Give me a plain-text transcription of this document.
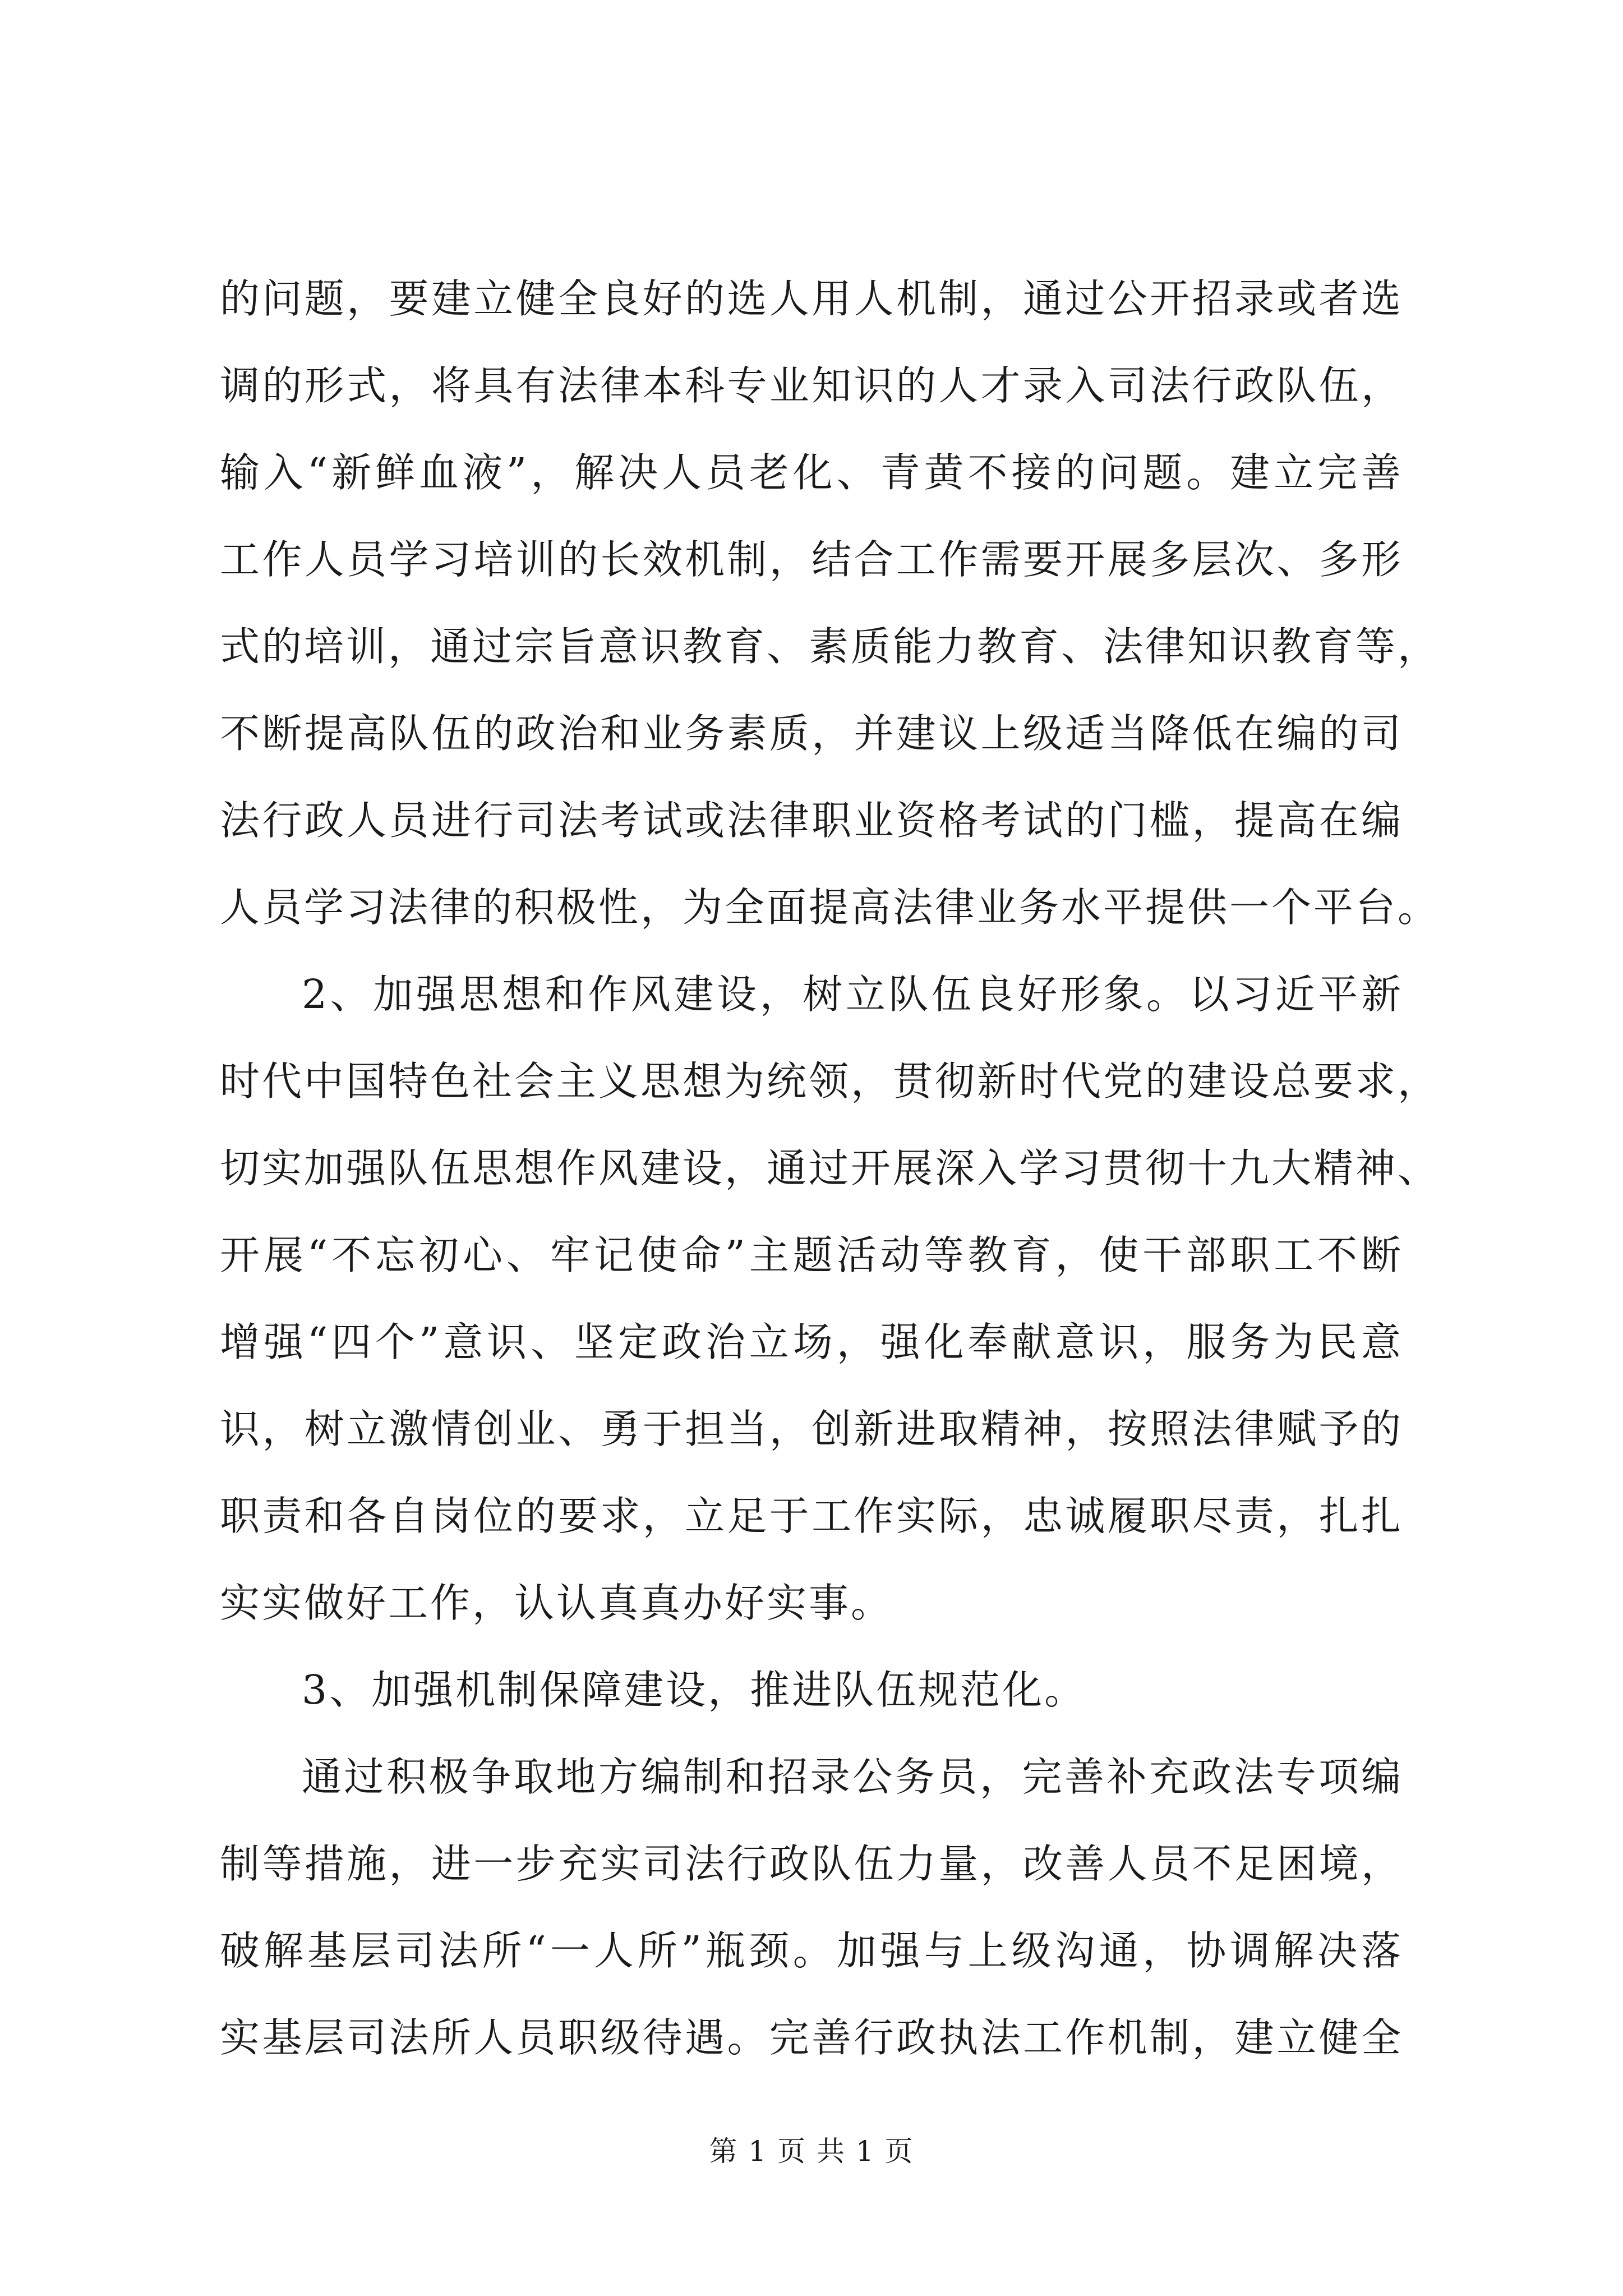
的问题，要建立健全良好的选人用人机制，通过公开招录或者选
调的形式，将具有法律本科专业知识的人才录入司法行政队伍，
输入“新鲜血液”，解决人员老化、青黄不接的问题。建立完善
工作人员学习培训的长效机制，结合工作需要开展多层次、多形
式的培训，通过宗旨意识教育、素质能力教育、法律知识教育等，
不断提高队伍的政治和业务素质，并建议上级适当降低在编的司
法行政人员进行司法考试或法律职业资格考试的门槛，提高在编
人员学习法律的积极性，为全面提高法律业务水平提供一个平台。
2、加强思想和作风建设，树立队伍良好形象。以习近平新
时代中国特色社会主义思想为统领，贯彻新时代党的建设总要求，
切实加强队伍思想作风建设，通过开展深入学习贯彻十九大精神、
开展“不忘初心、牢记使命”主题活动等教育，使干部职工不断
增强“四个”意识、坚定政治立场，强化奉献意识，服务为民意
识，树立激情创业、勇于担当，创新进取精神，按照法律赋予的
职责和各自岗位的要求，立足于工作实际，忠诚履职尽责，扎扎
实实做好工作，认认真真办好实事。
3、加强机制保障建设，推进队伍规范化。
通过积极争取地方编制和招录公务员，完善补充政法专项编
制等措施，进一步充实司法行政队伍力量，改善人员不足困境，
破解基层司法所“一人所”瓶颈。加强与上级沟通，协调解决落
实基层司法所人员职级待遇。完善行政执法工作机制，建立健全
第 1 页 共 1 页
